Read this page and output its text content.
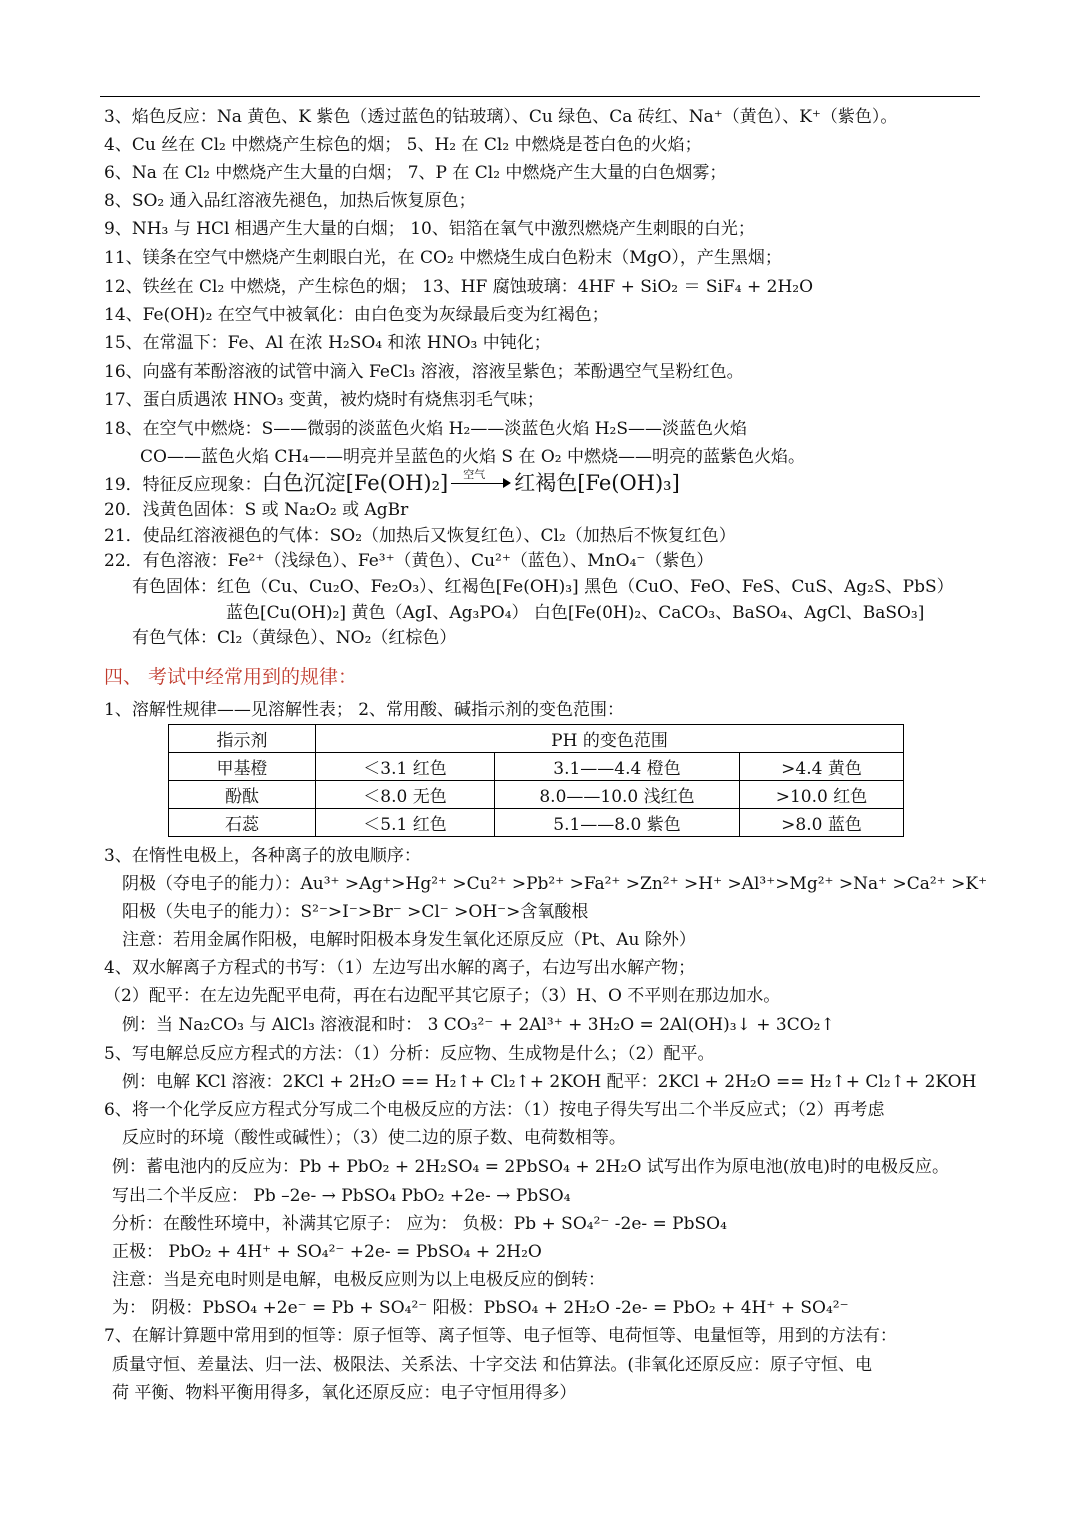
3、焰色反应：Na 黄色、K 紫色（透过蓝色的钴玻璃）、Cu 绿色、Ca 砖红、Na⁺（黄色）、K⁺（紫色）。
4、Cu 丝在 Cl₂ 中燃烧产生棕色的烟； 5、H₂ 在 Cl₂ 中燃烧是苍白色的火焰；
6、Na 在 Cl₂ 中燃烧产生大量的白烟； 7、P 在 Cl₂ 中燃烧产生大量的白色烟雾；
8、SO₂ 通入品红溶液先褪色，加热后恢复原色；
9、NH₃ 与 HCl 相遇产生大量的白烟； 10、铝箔在氧气中激烈燃烧产生刺眼的白光；
11、镁条在空气中燃烧产生刺眼白光，在 CO₂ 中燃烧生成白色粉末（MgO），产生黑烟；
12、铁丝在 Cl₂ 中燃烧，产生棕色的烟； 13、HF 腐蚀玻璃：4HF + SiO₂ ＝ SiF₄ + 2H₂O
14、Fe(OH)₂ 在空气中被氧化：由白色变为灰绿最后变为红褐色；
15、在常温下：Fe、Al 在浓 H₂SO₄ 和浓 HNO₃ 中钝化；
16、向盛有苯酚溶液的试管中滴入 FeCl₃ 溶液，溶液呈紫色；苯酚遇空气呈粉红色。
17、蛋白质遇浓 HNO₃ 变黄，被灼烧时有烧焦羽毛气味；
18、在空气中燃烧：S——微弱的淡蓝色火焰 H₂——淡蓝色火焰 H₂S——淡蓝色火焰
CO——蓝色火焰 CH₄——明亮并呈蓝色的火焰 S 在 O₂ 中燃烧——明亮的蓝紫色火焰。
19．特征反应现象：白色沉淀[Fe(OH)₂] 空气 红褐色[Fe(OH)₃]
20．浅黄色固体：S 或 Na₂O₂ 或 AgBr
21．使品红溶液褪色的气体：SO₂（加热后又恢复红色）、Cl₂（加热后不恢复红色）
22．有色溶液：Fe²⁺（浅绿色）、Fe³⁺（黄色）、Cu²⁺（蓝色）、MnO₄⁻（紫色）
有色固体：红色（Cu、Cu₂O、Fe₂O₃）、红褐色[Fe(OH)₃] 黑色（CuO、FeO、FeS、CuS、Ag₂S、PbS）
蓝色[Cu(OH)₂] 黄色（AgI、Ag₃PO₄） 白色[Fe(0H)₂、CaCO₃、BaSO₄、AgCl、BaSO₃]
有色气体：Cl₂（黄绿色）、NO₂（红棕色）
四、 考试中经常用到的规律：
1、溶解性规律——见溶解性表； 2、常用酸、碱指示剂的变色范围：
指示剂	PH 的变色范围		
甲基橙	＜3.1 红色	3.1——4.4 橙色	>4.4 黄色
酚酞	＜8.0 无色	8.0——10.0 浅红色	>10.0 红色
石蕊	＜5.1 红色	5.1——8.0 紫色	>8.0 蓝色
3、在惰性电极上，各种离子的放电顺序：
阴极（夺电子的能力）：Au³⁺ >Ag⁺>Hg²⁺ >Cu²⁺ >Pb²⁺ >Fa²⁺ >Zn²⁺ >H⁺ >Al³⁺>Mg²⁺ >Na⁺ >Ca²⁺ >K⁺
阳极（失电子的能力）：S²⁻>I⁻>Br⁻ >Cl⁻ >OH⁻>含氧酸根
注意：若用金属作阳极，电解时阳极本身发生氧化还原反应（Pt、Au 除外）
4、双水解离子方程式的书写：（1）左边写出水解的离子，右边写出水解产物；
（2）配平：在左边先配平电荷，再在右边配平其它原子；（3）H、O 不平则在那边加水。
例：当 Na₂CO₃ 与 AlCl₃ 溶液混和时： 3 CO₃²⁻ + 2Al³⁺ + 3H₂O = 2Al(OH)₃↓ + 3CO₂↑
5、写电解总反应方程式的方法：（1）分析：反应物、生成物是什么；（2）配平。
例：电解 KCl 溶液：2KCl + 2H₂O == H₂↑+ Cl₂↑+ 2KOH 配平：2KCl + 2H₂O == H₂↑+ Cl₂↑+ 2KOH
6、将一个化学反应方程式分写成二个电极反应的方法：（1）按电子得失写出二个半反应式；（2）再考虑
反应时的环境（酸性或碱性）；（3）使二边的原子数、电荷数相等。
例：蓄电池内的反应为：Pb + PbO₂ + 2H₂SO₄ = 2PbSO₄ + 2H₂O 试写出作为原电池(放电)时的电极反应。
写出二个半反应： Pb –2e- → PbSO₄ PbO₂ +2e- → PbSO₄
分析：在酸性环境中，补满其它原子： 应为： 负极：Pb + SO₄²⁻ -2e- = PbSO₄
正极： PbO₂ + 4H⁺ + SO₄²⁻ +2e- = PbSO₄ + 2H₂O
注意：当是充电时则是电解，电极反应则为以上电极反应的倒转：
为： 阴极：PbSO₄ +2e⁻ = Pb + SO₄²⁻ 阳极：PbSO₄ + 2H₂O -2e- = PbO₂ + 4H⁺ + SO₄²⁻
7、在解计算题中常用到的恒等：原子恒等、离子恒等、电子恒等、电荷恒等、电量恒等，用到的方法有：
质量守恒、差量法、归一法、极限法、关系法、十字交法 和估算法。(非氧化还原反应：原子守恒、电
荷 平衡、物料平衡用得多，氧化还原反应：电子守恒用得多）
